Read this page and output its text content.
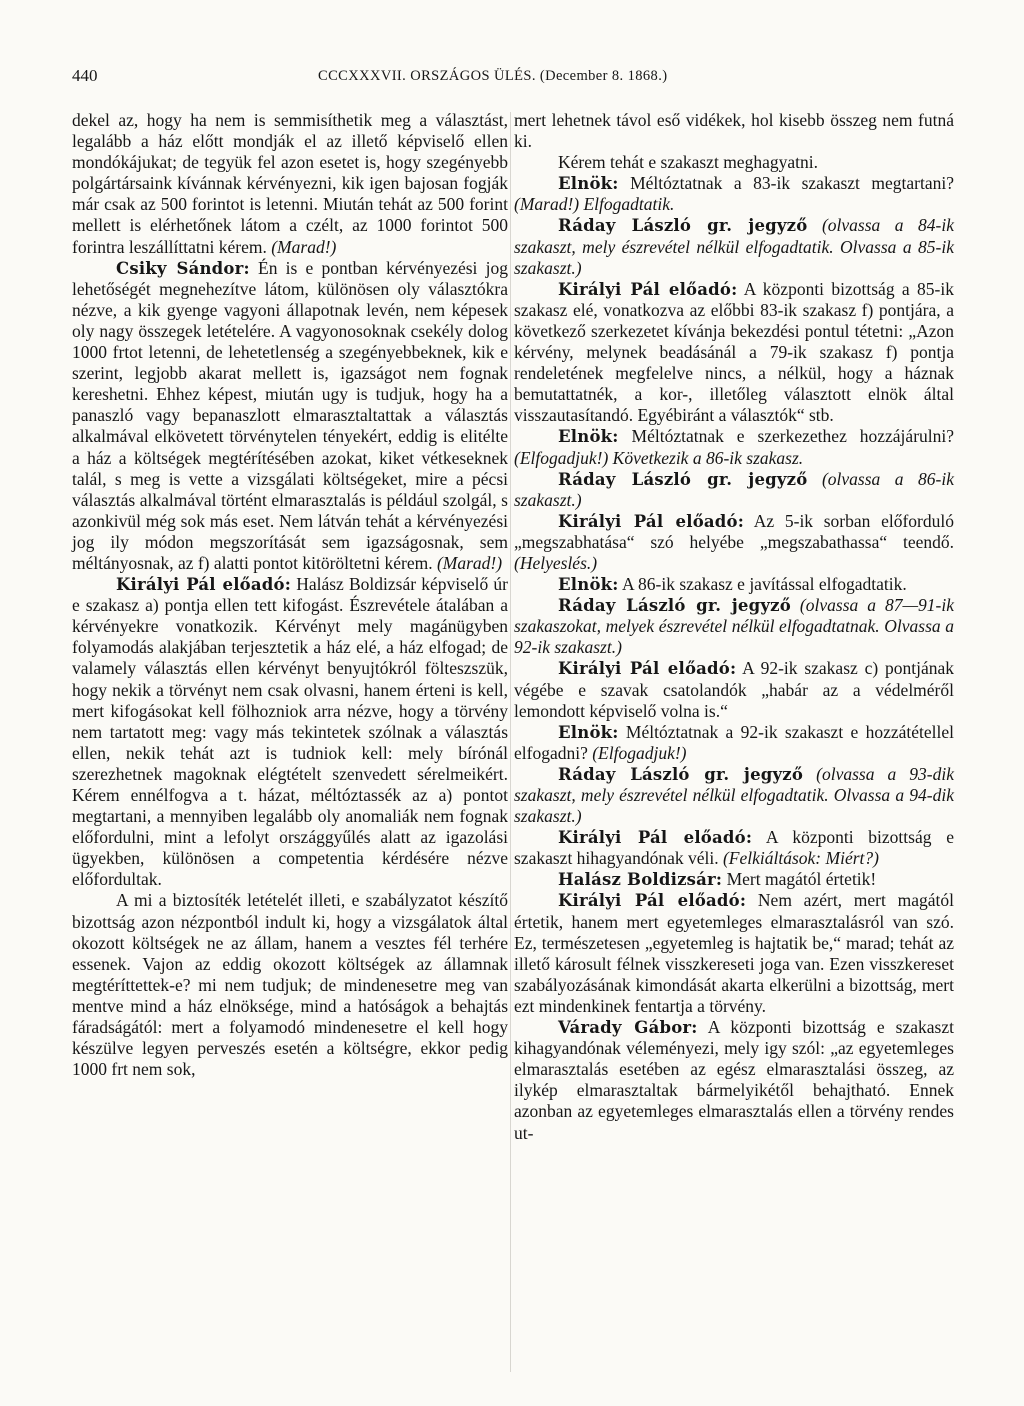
440	CCCXXXVII. ORSZÁGOS ÜLÉS. (December 8. 1868.)

dekel az, hogy ha nem is semmisíthetik meg a választást, legalább a ház előtt mondják el az illető képviselő ellen mondókájukat; de tegyük fel azon esetet is, hogy szegényebb polgártársaink kívánnak kérvényezni, kik igen bajosan fogják már csak az 500 forintot is letenni. Miután tehát az 500 forint mellett is elérhetőnek látom a czélt, az 1000 forintot 500 forintra leszállíttatni kérem. (Marad!)

Csiky Sándor: Én is e pontban kérvényezési jog lehetőségét megnehezítve látom, különösen oly választókra nézve, a kik gyenge vagyoni állapotnak levén, nem képesek oly nagy összegek letételére. A vagyonosoknak csekély dolog 1000 frtot letenni, de lehetetlenség a szegényebbeknek, kik e szerint, legjobb akarat mellett is, igazságot nem fognak kereshetni. Ehhez képest, miután ugy is tudjuk, hogy ha a panaszló vagy bepanaszlott elmarasztaltattak a választás alkalmával elkövetett törvénytelen tényekért, eddig is elitélte a ház a költségek megtérítésében azokat, kiket vétkeseknek talál, s meg is vette a vizsgálati költségeket, mire a pécsi választás alkalmával történt elmarasztalás is például szolgál, s azonkivül még sok más eset. Nem látván tehát a kérvényezési jog ily módon megszorítását sem igazságosnak, sem méltányosnak, az f) alatti pontot kitöröltetni kérem. (Marad!)

Királyi Pál előadó: Halász Boldizsár képviselő úr e szakasz a) pontja ellen tett kifogást. Észrevétele átalában a kérvényekre vonatkozik. Kérvényt mely magánügyben folyamodás alakjában terjesztetik a ház elé, a ház elfogad; de valamely választás ellen kérvényt benyujtókról fölteszszük, hogy nekik a törvényt nem csak olvasni, hanem érteni is kell, mert kifogásokat kell fölhozniok arra nézve, hogy a törvény nem tartatott meg: vagy más tekintetek szólnak a választás ellen, nekik tehát azt is tudniok kell: mely bírónál szerezhetnek magoknak elégtételt szenvedett sérelmeikért. Kérem ennélfogva a t. házat, méltóztassék az a) pontot megtartani, a mennyiben legalább oly anomaliák nem fognak előfordulni, mint a lefolyt országgyűlés alatt az igazolási ügyekben, különösen a competentia kérdésére nézve előfordultak.

A mi a biztosíték letételét illeti, e szabályzatot készítő bizottság azon nézpontból indult ki, hogy a vizsgálatok által okozott költségek ne az állam, hanem a vesztes fél terhére essenek. Vajon az eddig okozott költségek az államnak megtéríttettek-e? mi nem tudjuk; de mindenesetre meg van mentve mind a ház elnöksége, mind a hatóságok a behajtás fáradságától: mert a folyamodó mindenesetre el kell hogy készülve legyen perveszés esetén a költségre, ekkor pedig 1000 frt nem sok,

mert lehetnek távol eső vidékek, hol kisebb összeg nem futná ki.

Kérem tehát e szakaszt meghagyatni.

Elnök: Méltóztatnak a 83-ik szakaszt megtartani? (Marad!) Elfogadtatik.

Ráday László gr. jegyző (olvassa a 84-ik szakaszt, mely észrevétel nélkül elfogadtatik. Olvassa a 85-ik szakaszt.)

Királyi Pál előadó: A központi bizottság a 85-ik szakasz elé, vonatkozva az előbbi 83-ik szakasz f) pontjára, a következő szerkezetet kívánja bekezdési pontul tétetni: „Azon kérvény, melynek beadásánál a 79-ik szakasz f) pontja rendeletének megfelelve nincs, a nélkül, hogy a háznak bemutattatnék, a kor-, illetőleg választott elnök által visszautasítandó. Egyébiránt a választók“ stb.

Elnök: Méltóztatnak e szerkezethez hozzájárulni? (Elfogadjuk!) Következik a 86-ik szakasz.

Ráday László gr. jegyző (olvassa a 86-ik szakaszt.)

Királyi Pál előadó: Az 5-ik sorban előforduló „megszabhatása“ szó helyébe „megszabathassa“ teendő. (Helyeslés.)

Elnök: A 86-ik szakasz e javítással elfogadtatik.

Ráday László gr. jegyző (olvassa a 87—91-ik szakaszokat, melyek észrevétel nélkül elfogadtatnak. Olvassa a 92-ik szakaszt.)

Királyi Pál előadó: A 92-ik szakasz c) pontjának végébe e szavak csatolandók „habár az a védelméről lemondott képviselő volna is.“

Elnök: Méltóztatnak a 92-ik szakaszt e hozzátétellel elfogadni? (Elfogadjuk!)

Ráday László gr. jegyző (olvassa a 93-dik szakaszt, mely észrevétel nélkül elfogadtatik. Olvassa a 94-dik szakaszt.)

Királyi Pál előadó: A központi bizottság e szakaszt hihagyandónak véli. (Felkiáltások: Miért?)

Halász Boldizsár: Mert magától értetik!

Királyi Pál előadó: Nem azért, mert magától értetik, hanem mert egyetemleges elmarasztalásról van szó. Ez, természetesen „egyetemleg is hajtatik be,“ marad; tehát az illető károsult félnek visszkereseti joga van. Ezen visszkereset szabályozásának kimondását akarta elkerülni a bizottság, mert ezt mindenkinek fentartja a törvény.

Várady Gábor: A központi bizottság e szakaszt kihagyandónak véleményezi, mely igy szól: „az egyetemleges elmarasztalás esetében az egész elmarasztalási összeg, az ilykép elmarasztaltak bármelyikétől behajtható. Ennek azonban az egyetemleges elmarasztalás ellen a törvény rendes ut-
